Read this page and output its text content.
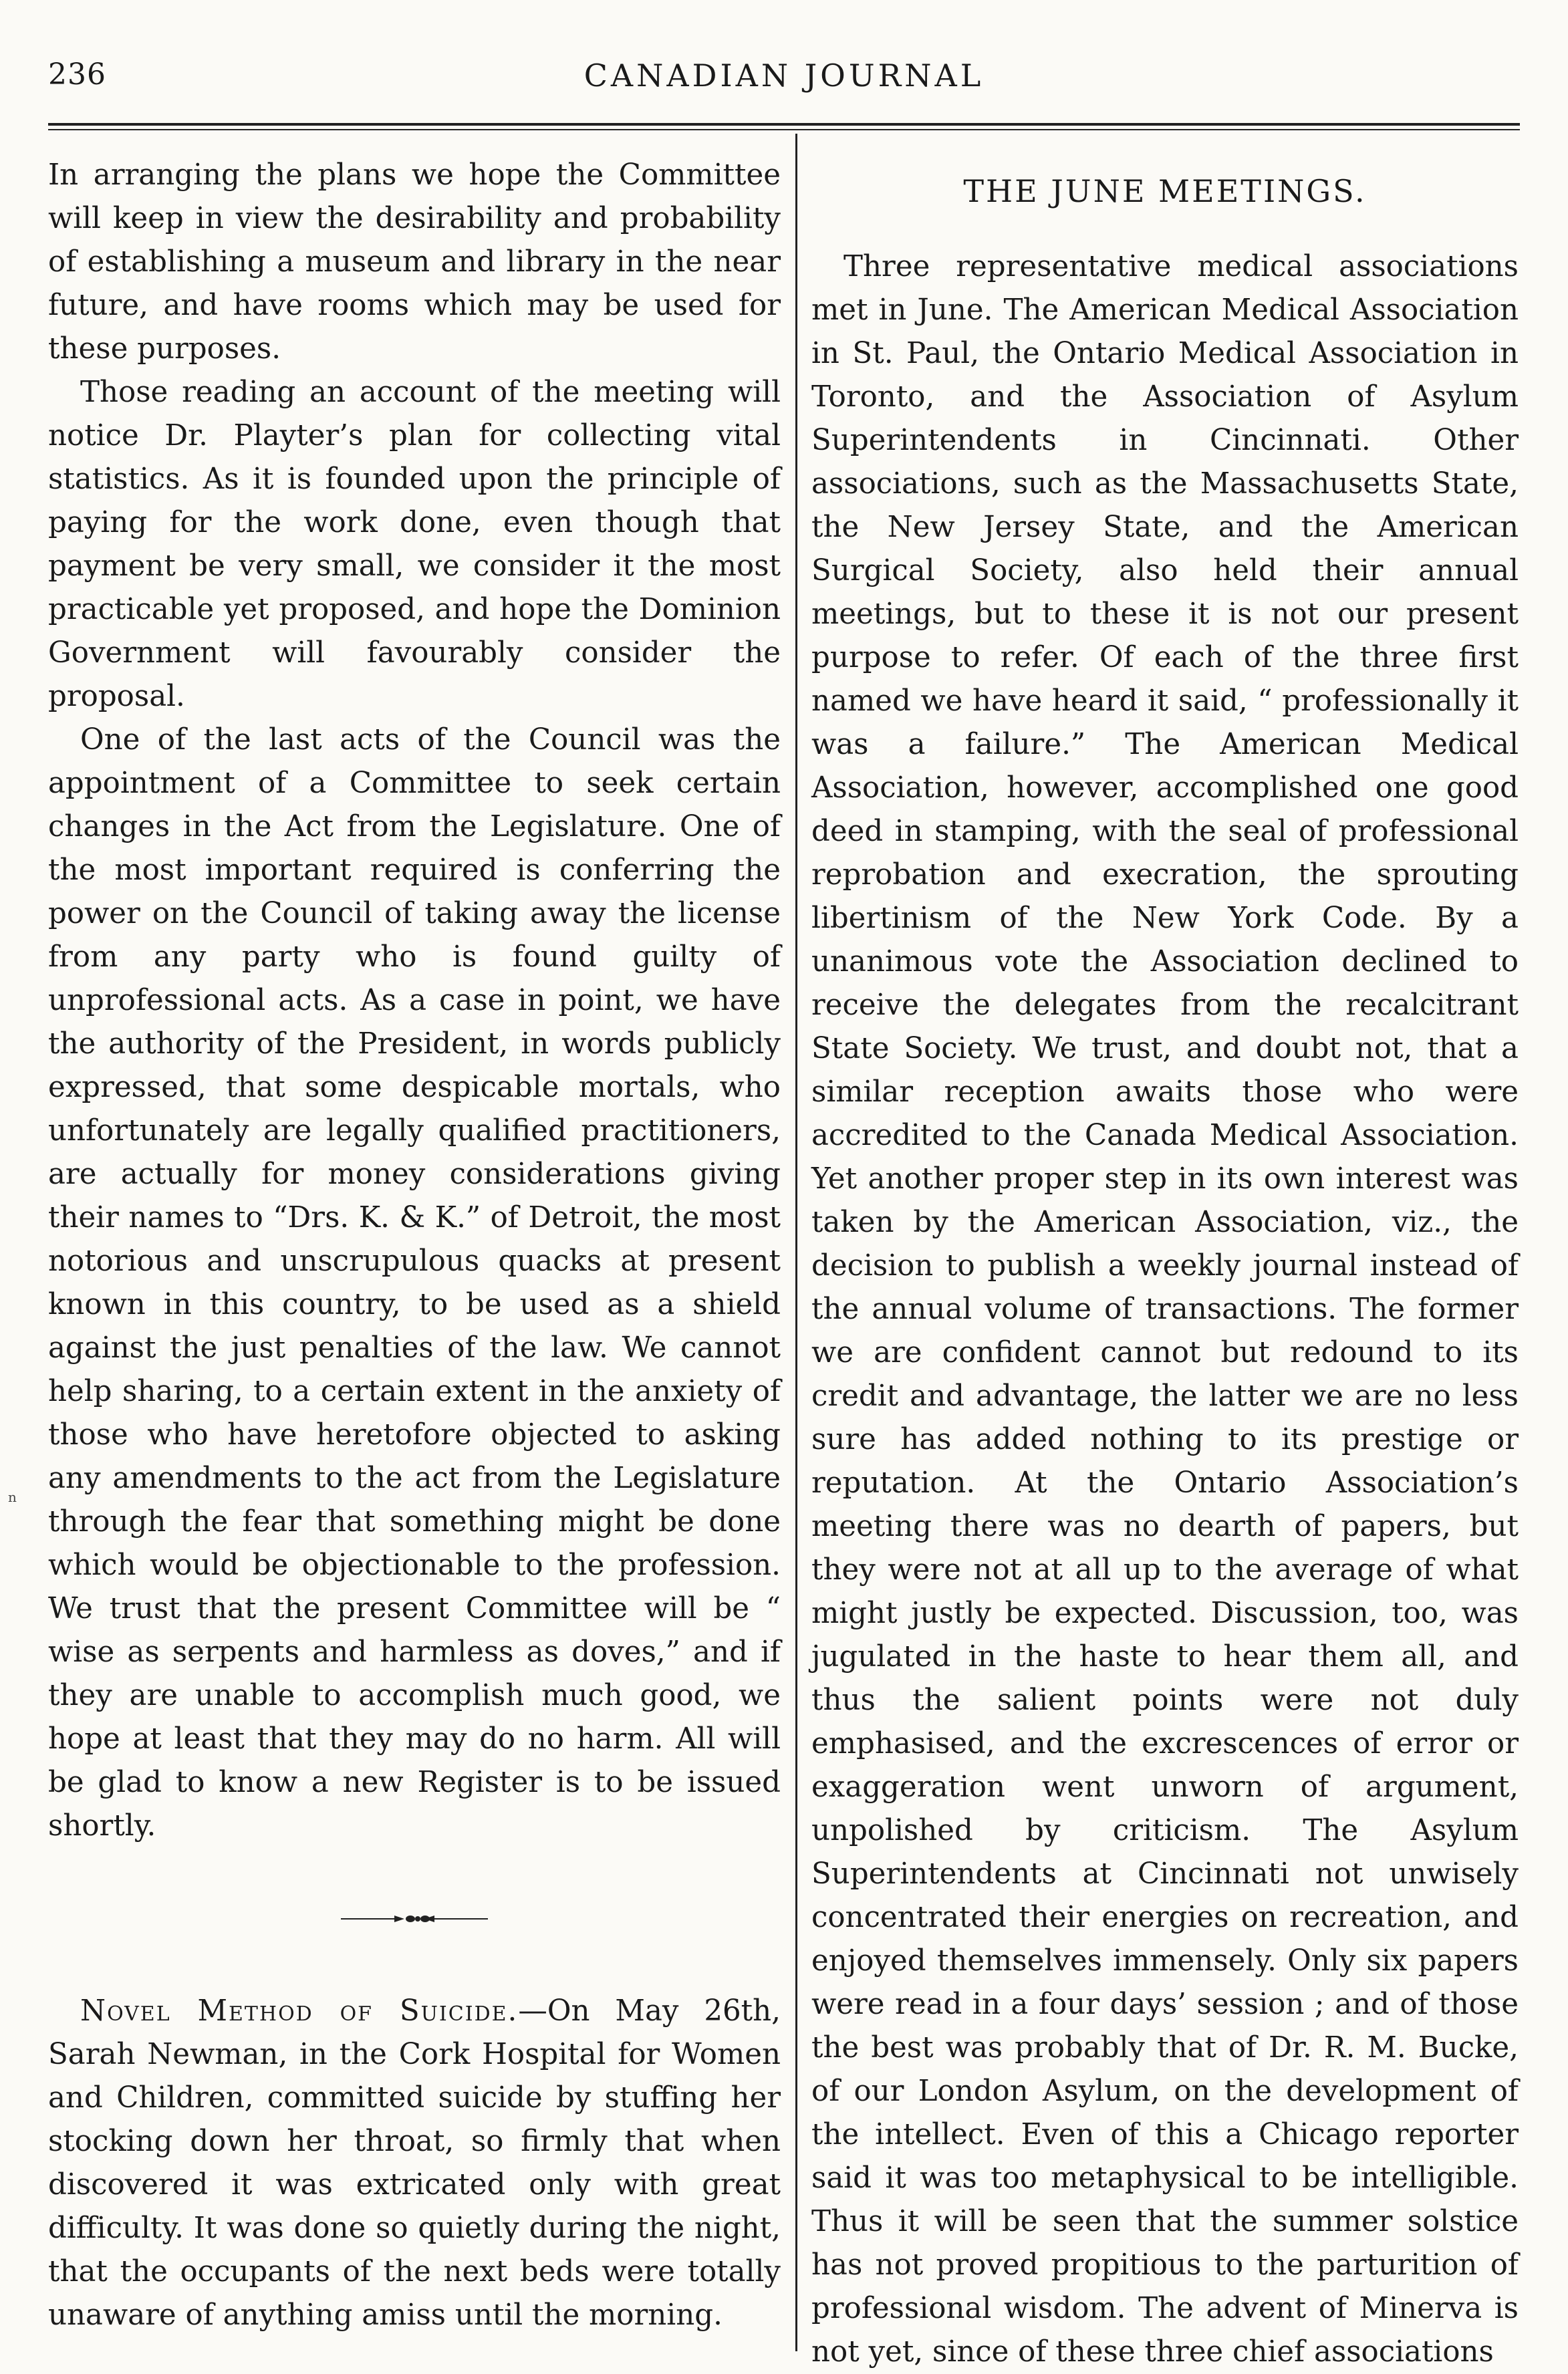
236	CANADIAN JOURNAL
n

In arranging the plans we hope the Committee will keep in view the desirability and probability of establishing a museum and library in the near future, and have rooms which may be used for these purposes.

Those reading an account of the meeting will notice Dr. Playter’s plan for collecting vital statistics. As it is founded upon the principle of paying for the work done, even though that payment be very small, we consider it the most practicable yet proposed, and hope the Dominion Government will favourably consider the proposal.

One of the last acts of the Council was the appointment of a Committee to seek certain changes in the Act from the Legislature. One of the most important required is conferring the power on the Council of taking away the license from any party who is found guilty of unprofessional acts. As a case in point, we have the authority of the President, in words publicly expressed, that some despicable mortals, who unfortunately are legally qualified practitioners, are actually for money considerations giving their names to “Drs. K. & K.” of Detroit, the most notorious and unscrupulous quacks at present known in this country, to be used as a shield against the just penalties of the law. We cannot help sharing, to a certain extent in the anxiety of those who have heretofore objected to asking any amendments to the act from the Legislature through the fear that something might be done which would be objectionable to the profession. We trust that the present Committee will be “ wise as serpents and harmless as doves,” and if they are unable to accomplish much good, we hope at least that they may do no harm. All will be glad to know a new Register is to be issued shortly.

Novel Method of Suicide.—On May 26th, Sarah Newman, in the Cork Hospital for Women and Children, committed suicide by stuffing her stocking down her throat, so firmly that when discovered it was extricated only with great difficulty. It was done so quietly during the night, that the occupants of the next beds were totally unaware of anything amiss until the morning.

THE JUNE MEETINGS.

Three representative medical associations met in June. The American Medical Association in St. Paul, the Ontario Medical Association in Toronto, and the Association of Asylum Superintendents in Cincinnati. Other associations, such as the Massachusetts State, the New Jersey State, and the American Surgical Society, also held their annual meetings, but to these it is not our present purpose to refer. Of each of the three first named we have heard it said, “ professionally it was a failure.” The American Medical Association, however, accomplished one good deed in stamping, with the seal of professional reprobation and execration, the sprouting libertinism of the New York Code. By a unanimous vote the Association declined to receive the delegates from the recalcitrant State Society. We trust, and doubt not, that a similar reception awaits those who were accredited to the Canada Medical Association. Yet another proper step in its own interest was taken by the American Association, viz., the decision to publish a weekly journal instead of the annual volume of transactions. The former we are confident cannot but redound to its credit and advantage, the latter we are no less sure has added nothing to its prestige or reputation. At the Ontario Association’s meeting there was no dearth of papers, but they were not at all up to the average of what might justly be expected. Discussion, too, was jugulated in the haste to hear them all, and thus the salient points were not duly emphasised, and the excrescences of error or exaggeration went unworn of argument, unpolished by criticism. The Asylum Superintendents at Cincinnati not unwisely concentrated their energies on recreation, and enjoyed themselves immensely. Only six papers were read in a four days’ session ; and of those the best was probably that of Dr. R. M. Bucke, of our London Asylum, on the development of the intellect. Even of this a Chicago reporter said it was too metaphysical to be intelligible. Thus it will be seen that the summer solstice has not proved propitious to the parturition of professional wisdom. The advent of Minerva is not yet, since of these three chief associations
